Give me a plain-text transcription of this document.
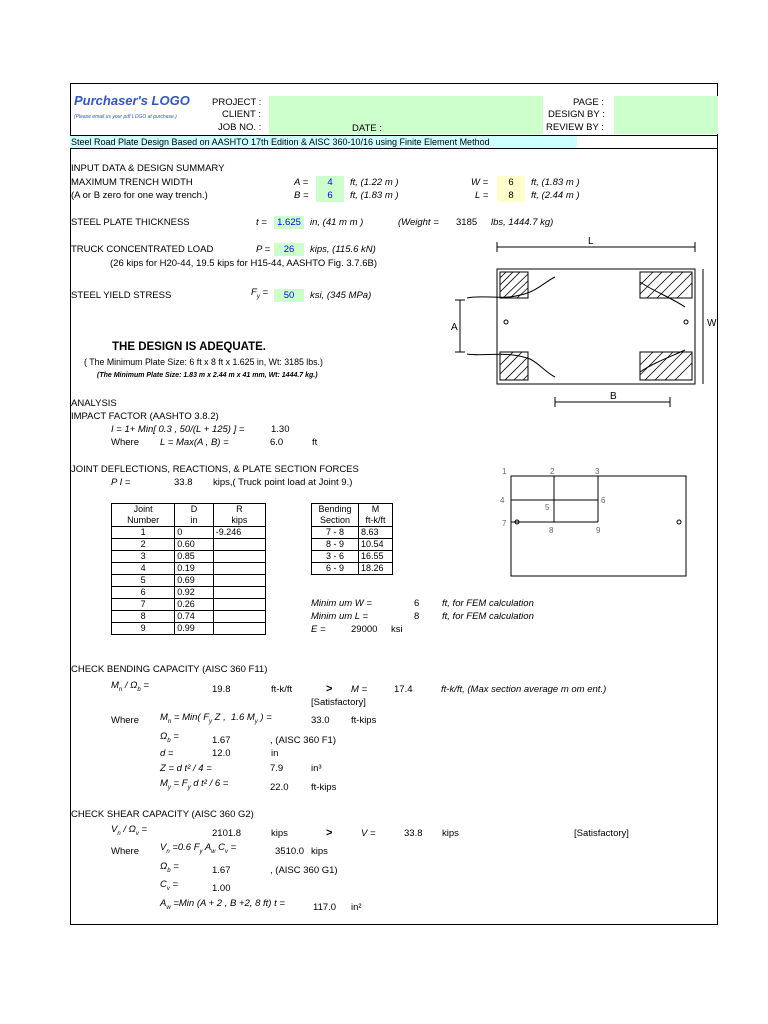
Purchaser's LOGO
(Please email us your pdf LOGO at purchase.)
PROJECT :
CLIENT :
JOB NO. :	DATE :
PAGE :
DESIGN BY :
REVIEW BY :
Steel Road Plate Design Based on AASHTO 17th Edition & AISC 360-10/16 using Finite Element Method
INPUT DATA & DESIGN SUMMARY
MAXIMUM TRENCH WIDTH
(A or B zero for one way trench.)
A =	4	ft, (1.22 m )
B =	6	ft, (1.83 m )
W =	6	ft, (1.83 m )
L =	8	ft, (2.44 m )
STEEL PLATE THICKNESS	t =	1.625 in, (41 m m )	(Weight = 3185 lbs, 1444.7 kg)
TRUCK CONCENTRATED LOAD	P =	26	kips, (115.6 kN)
(26 kips for H20-44, 19.5 kips for H15-44, AASHTO Fig. 3.7.6B)
STEEL YIELD STRESS	$F_y$ =	50	ksi, (345 MPa)
THE DESIGN IS ADEQUATE.
( The Minimum Plate Size: 6 ft x 8 ft x 1.625 in, Wt: 3185 lbs.)
(The Minimum Plate Size: 1.83 m x 2.44 m x 41 mm, Wt: 1444.7 kg.)
L
A	W
B
ANALYSIS
IMPACT FACTOR (AASHTO 3.8.2)
I = 1+ Min[ 0.3 , 50/(L + 125) ] =	1.30
Where L = Max(A , B) =	6.0	ft
JOINT DEFLECTIONS, REACTIONS, & PLATE SECTION FORCES
P I =	33.8 kips,( Truck point load at Joint 9.)
Joint	D	R
Number	in	kips
1	0	-9.246
2	0.60	
3	0.85	
4	0.19	
5	0.69	
6	0.92	
7	0.26	
8	0.74	
9	0.99	
Bending	M
Section	ft-k/ft
7 - 8	8.63
8 - 9	10.54
3 - 6	16.55
6 - 9	18.26
Minim um W =	6 ft, for FEM calculation
Minim um L =	8 ft, for FEM calculation
E =	29000 ksi
1	2	3
4
5
6
7
8	9
CHECK BENDING CAPACITY (AISC 360 F11)
$M_n / \Omega_b$ =	19.8	ft-k/ft	> M =	17.4	ft-k/ft, (Max section average m om ent.)
[Satisfactory]
Where $M_n = Min$( $F_y$ Z ,  1.6 $M_y$ ) =	33.0 ft-kips
$\Omega_b$ =	1.67	, (AISC 360 F1)
d =	12.0	in
Z = d t² / 4 =	7.9	in³
$M_y = F_y$ d t² / 6 =	22.0 ft-kips
CHECK SHEAR CAPACITY (AISC 360 G2)
$V_n / \Omega_v$ =	2101.8	kips	>	V =	33.8 kips	[Satisfactory]
Where $V_n =0.6$ $F_y$ $A_w$ $C_v$ =	3510.0 kips
$\Omega_b$ =	1.67	, (AISC 360 G1)
$C_v$ =	1.00
$A_w =Min$ (A + 2 , B +2, 8 ft) t =	117.0 in²
